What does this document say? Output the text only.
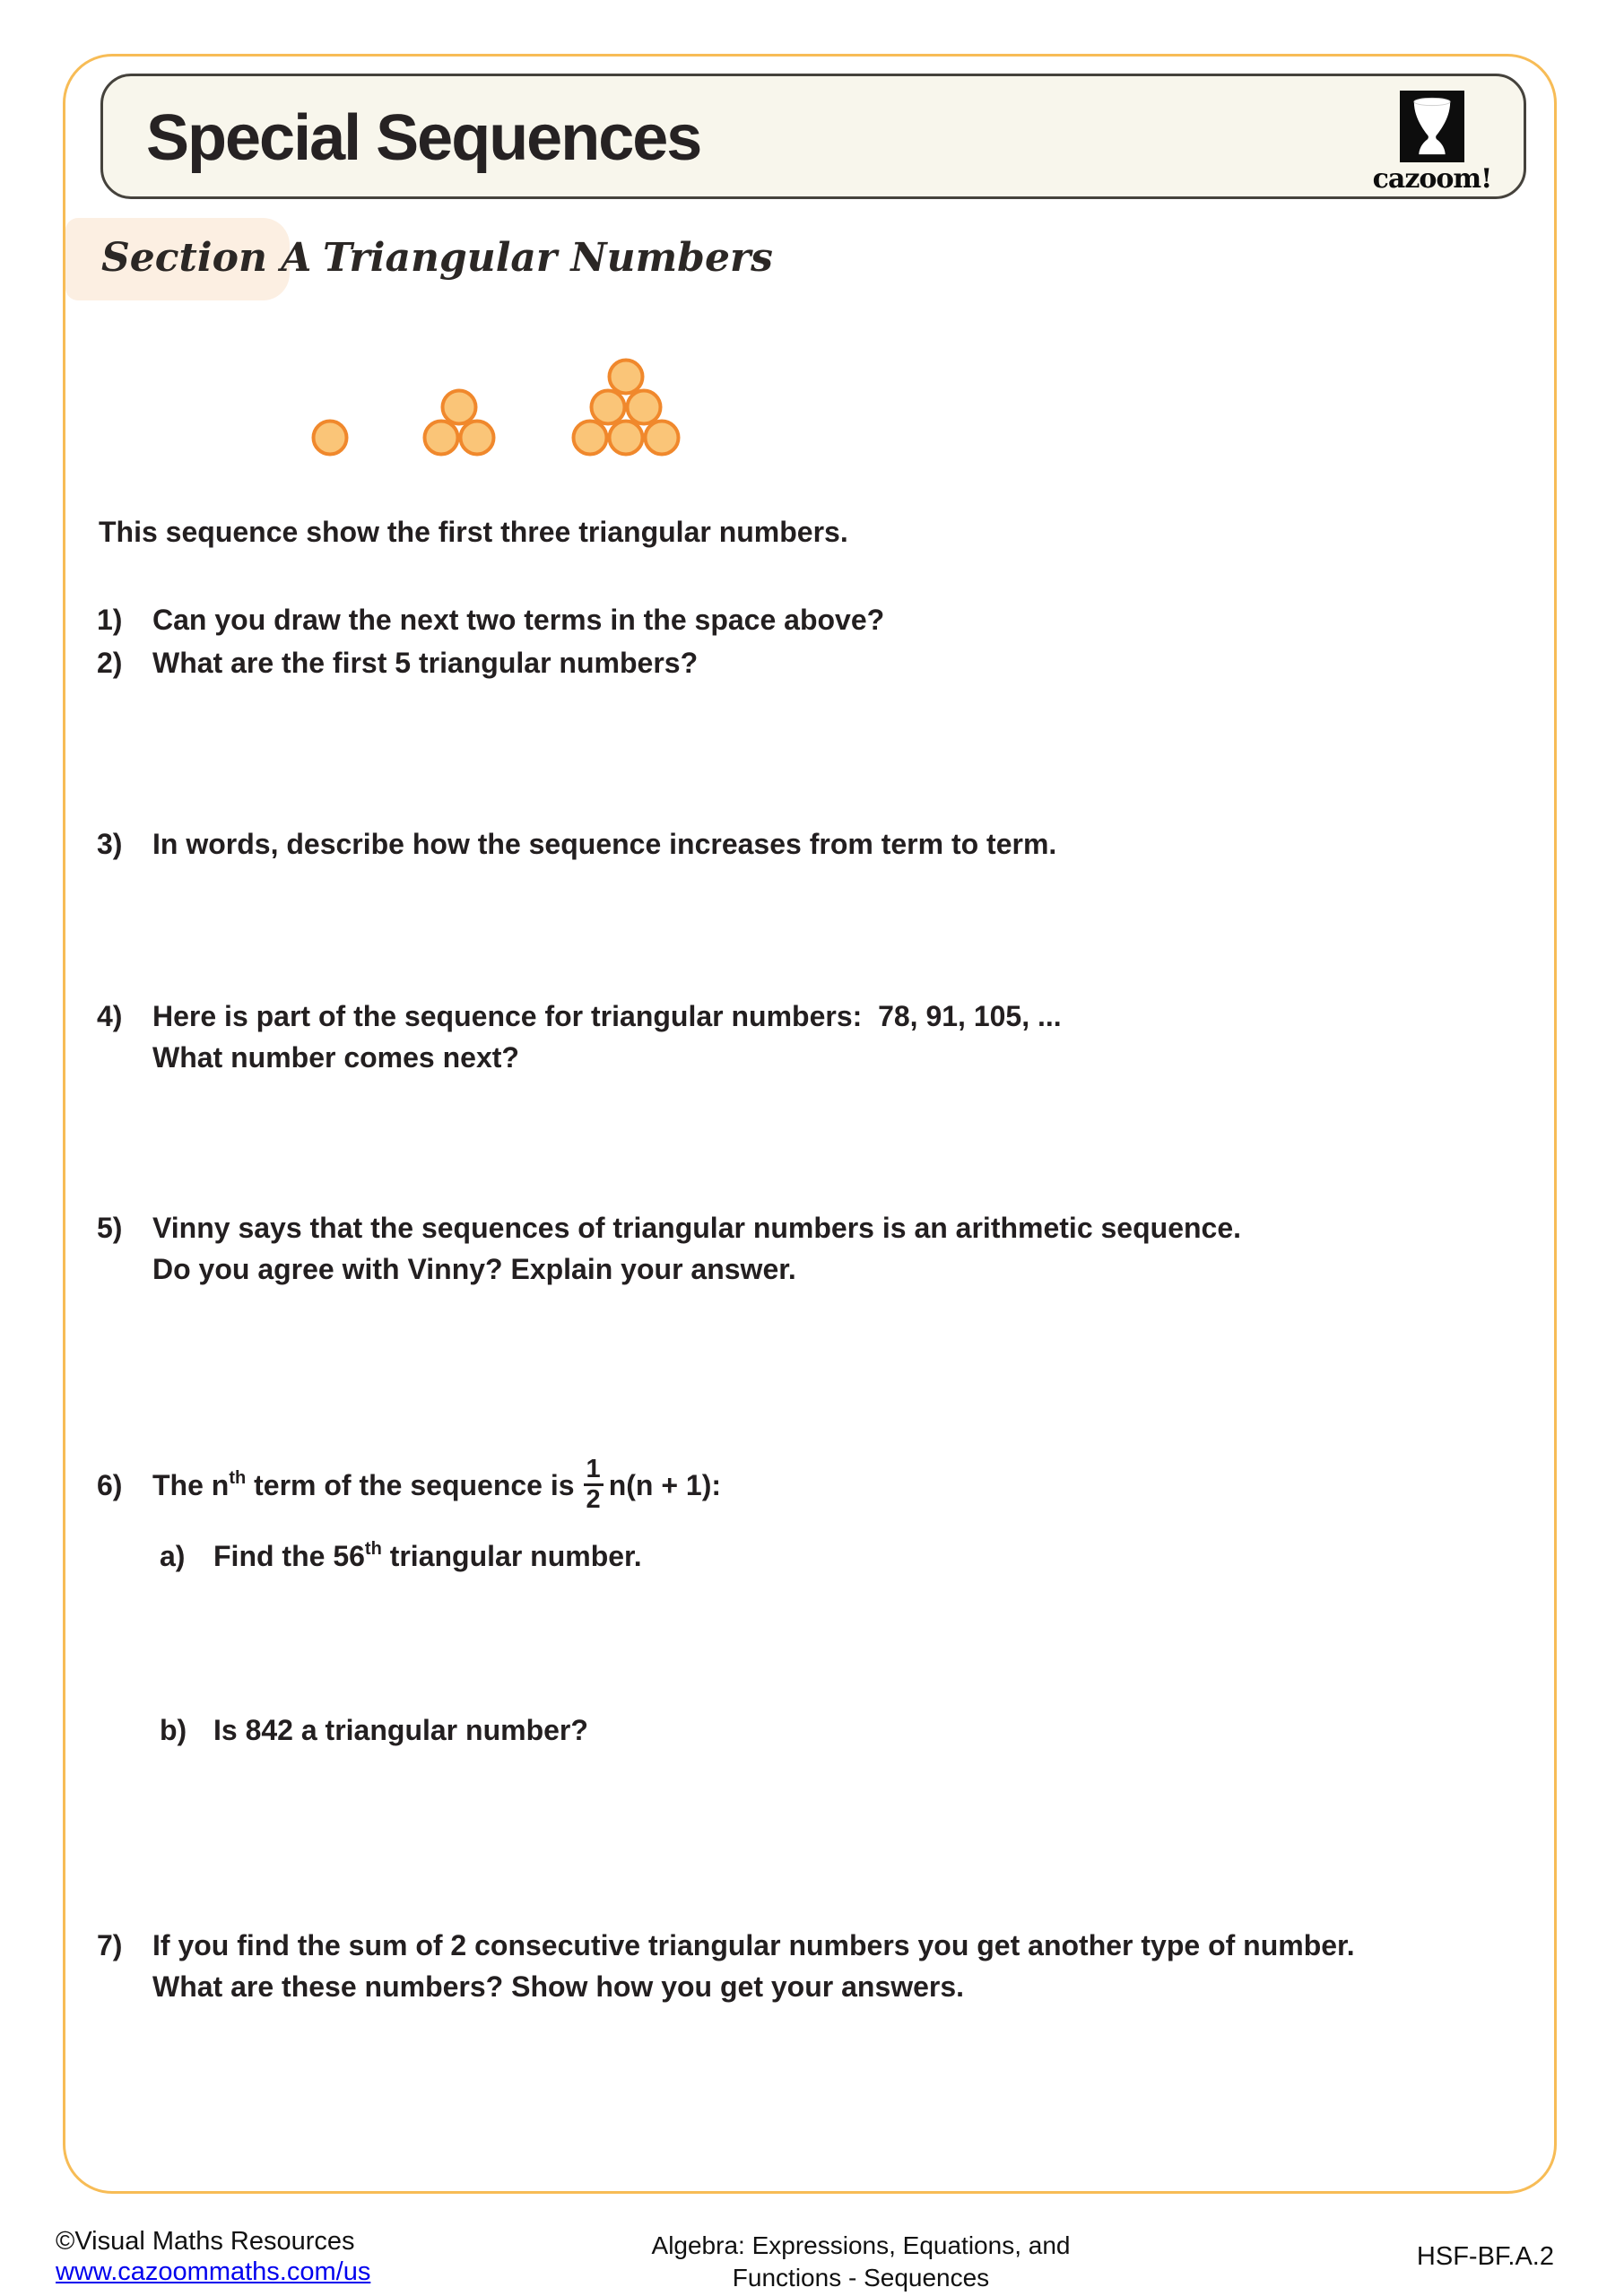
Special Sequences
cazoom!
Section A Triangular Numbers
This sequence show the first three triangular numbers.
1) Can you draw the next two terms in the space above?
2) What are the first 5 triangular numbers?
3) In words, describe how the sequence increases from term to term.
4) Here is part of the sequence for triangular numbers:  78, 91, 105, ...
What number comes next?
5) Vinny says that the sequences of triangular numbers is an arithmetic sequence.
Do you agree with Vinny? Explain your answer.
6) The $n^{th}$ term of the sequence is $\frac{1}{2} n(n + 1)$:
a) Find the 56th triangular number.
b) Is 842 a triangular number?
7) If you find the sum of 2 consecutive triangular numbers you get another type of number.
What are these numbers? Show how you get your answers.
©Visual Maths Resources
www.cazoommaths.com/us
Algebra: Expressions, Equations, and
Functions - Sequences
HSF-BF.A.2
